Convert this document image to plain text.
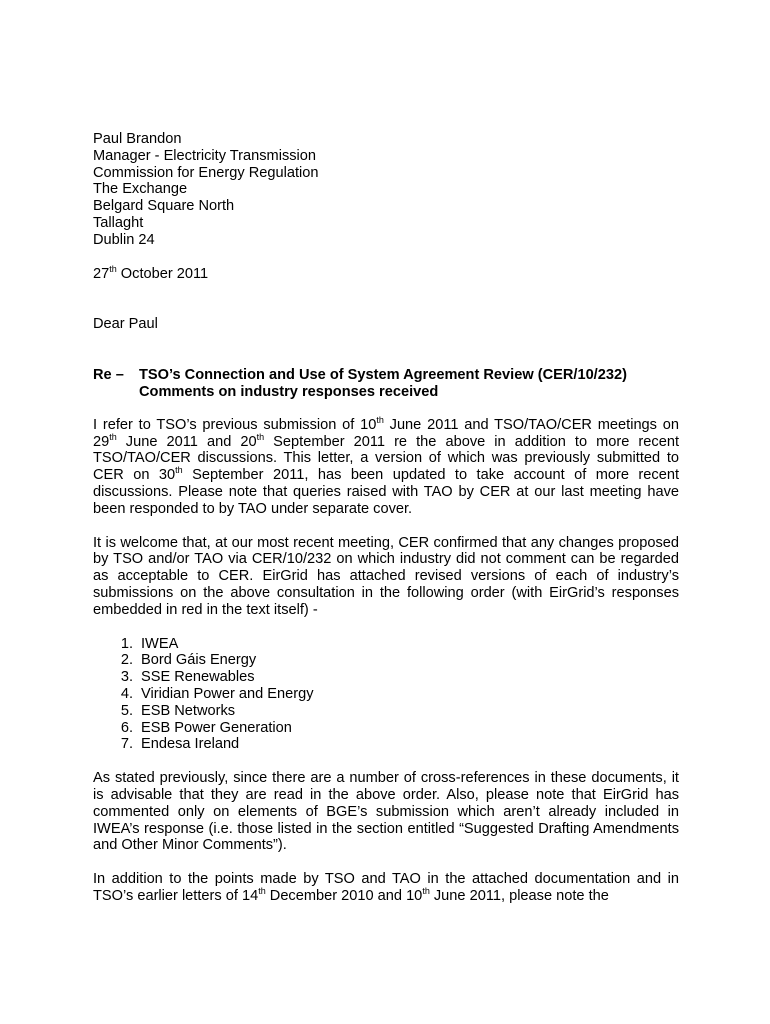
Paul Brandon
Manager - Electricity Transmission
Commission for Energy Regulation
The Exchange
Belgard Square North
Tallaght
Dublin 24
27th October 2011
Dear Paul
Re –	TSO’s Connection and Use of System Agreement Review (CER/10/232)
Comments on industry responses received

I refer to TSO’s previous submission of 10th June 2011 and TSO/TAO/CER meetings on 29th June 2011 and 20th September 2011 re the above in addition to more recent TSO/TAO/CER discussions. This letter, a version of which was previously submitted to CER on 30th September 2011, has been updated to take account of more recent discussions. Please note that queries raised with TAO by CER at our last meeting have been responded to by TAO under separate cover.

It is welcome that, at our most recent meeting, CER confirmed that any changes proposed by TSO and/or TAO via CER/10/232 on which industry did not comment can be regarded as acceptable to CER. EirGrid has attached revised versions of each of industry’s submissions on the above consultation in the following order (with EirGrid’s responses embedded in red in the text itself) -

1. IWEA
2. Bord Gáis Energy
3. SSE Renewables
4. Viridian Power and Energy
5. ESB Networks
6. ESB Power Generation
7. Endesa Ireland

As stated previously, since there are a number of cross-references in these documents, it is advisable that they are read in the above order. Also, please note that EirGrid has commented only on elements of BGE’s submission which aren’t already included in IWEA’s response (i.e. those listed in the section entitled “Suggested Drafting Amendments and Other Minor Comments”).

In addition to the points made by TSO and TAO in the attached documentation and in TSO’s earlier letters of 14th December 2010 and 10th June 2011, please note the
